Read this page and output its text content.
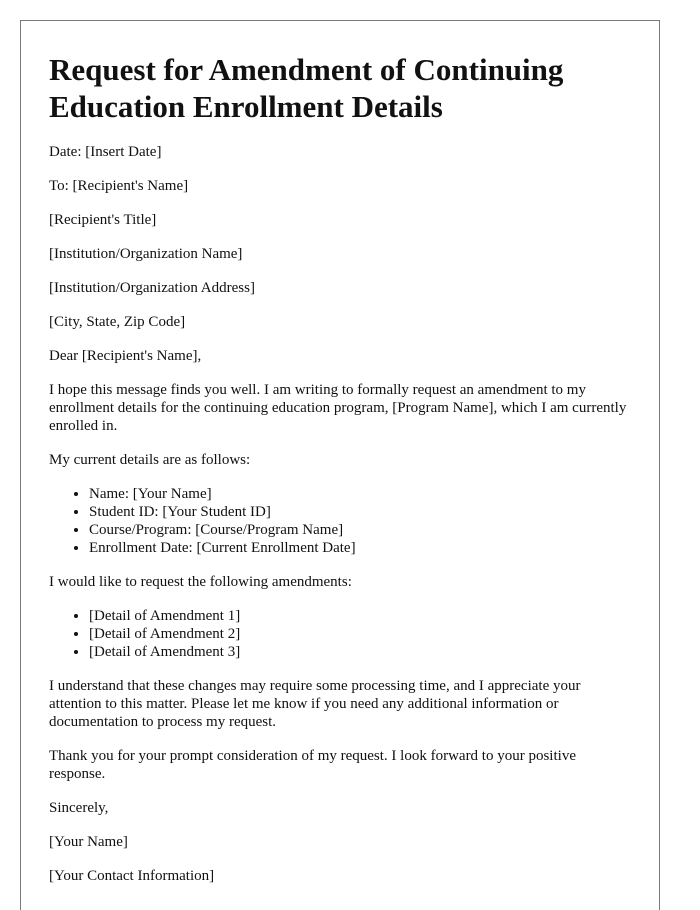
Request for Amendment of Continuing Education Enrollment Details

Date: [Insert Date]

To: [Recipient's Name]

[Recipient's Title]

[Institution/Organization Name]

[Institution/Organization Address]

[City, State, Zip Code]

Dear [Recipient's Name],

I hope this message finds you well. I am writing to formally request an amendment to my enrollment details for the continuing education program, [Program Name], which I am currently enrolled in.

My current details are as follows:

• Name: [Your Name]
• Student ID: [Your Student ID]
• Course/Program: [Course/Program Name]
• Enrollment Date: [Current Enrollment Date]

I would like to request the following amendments:

• [Detail of Amendment 1]
• [Detail of Amendment 2]
• [Detail of Amendment 3]

I understand that these changes may require some processing time, and I appreciate your attention to this matter. Please let me know if you need any additional information or documentation to process my request.

Thank you for your prompt consideration of my request. I look forward to your positive response.

Sincerely,

[Your Name]

[Your Contact Information]
